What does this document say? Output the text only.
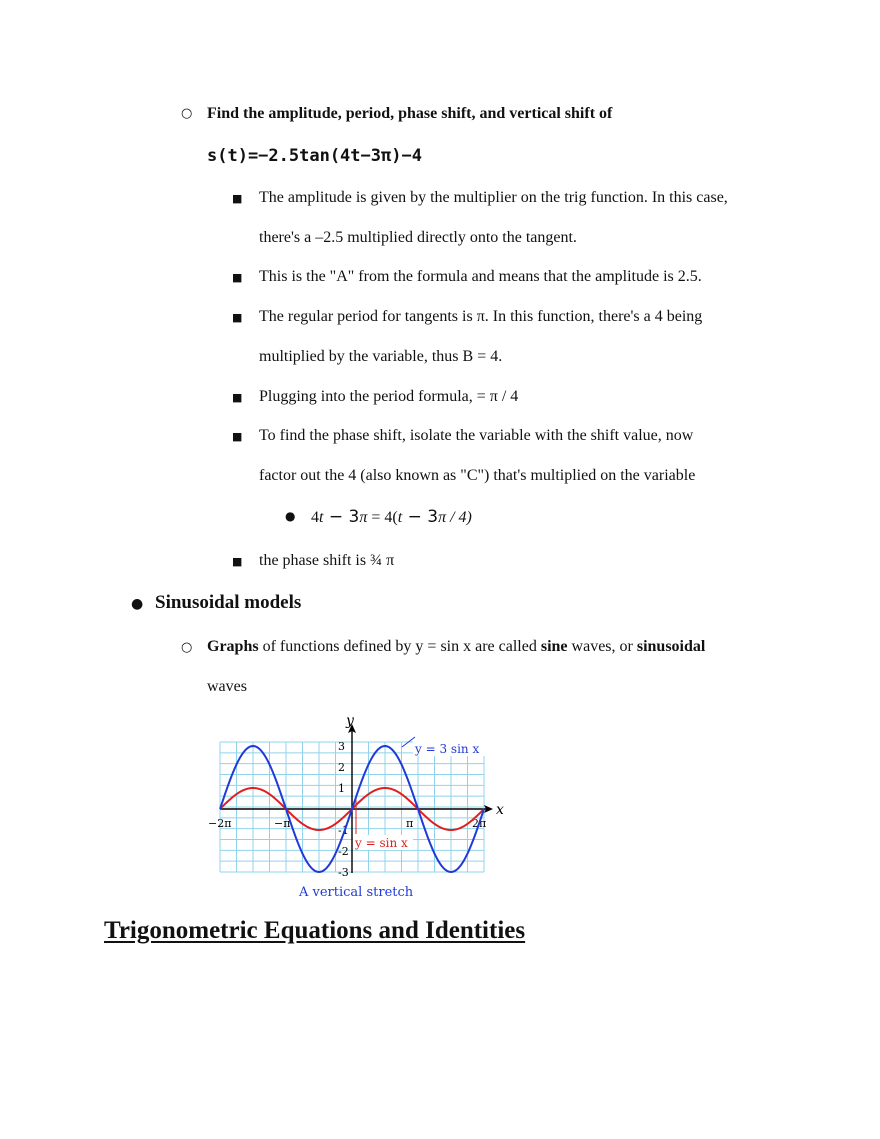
○ Find the amplitude, period, phase shift, and vertical shift of
s(t)=−2.5tan(4t−3π)−4
■ The amplitude is given by the multiplier on the trig function. In this case,
there's a –2.5 multiplied directly onto the tangent.
■ This is the "A" from the formula and means that the amplitude is 2.5.
■ The regular period for tangents is π. In this function, there's a 4 being
multiplied by the variable, thus B = 4.
■ Plugging into the period formula, = π / 4
■ To find the phase shift, isolate the variable with the shift value, now
factor out the 4 (also known as "C") that's multiplied on the variable
● 4t − 3π = 4(t − 3π / 4)
■ the phase shift is ¾ π
● Sinusoidal models
○ Graphs of functions defined by y = sin x are called sine waves, or sinusoidal
waves
y
x
3
2
1
-1
-2
-3
−2π	−π	π	2π
y = 3 sin x
y = sin x
A vertical stretch
Trigonometric Equations and Identities
